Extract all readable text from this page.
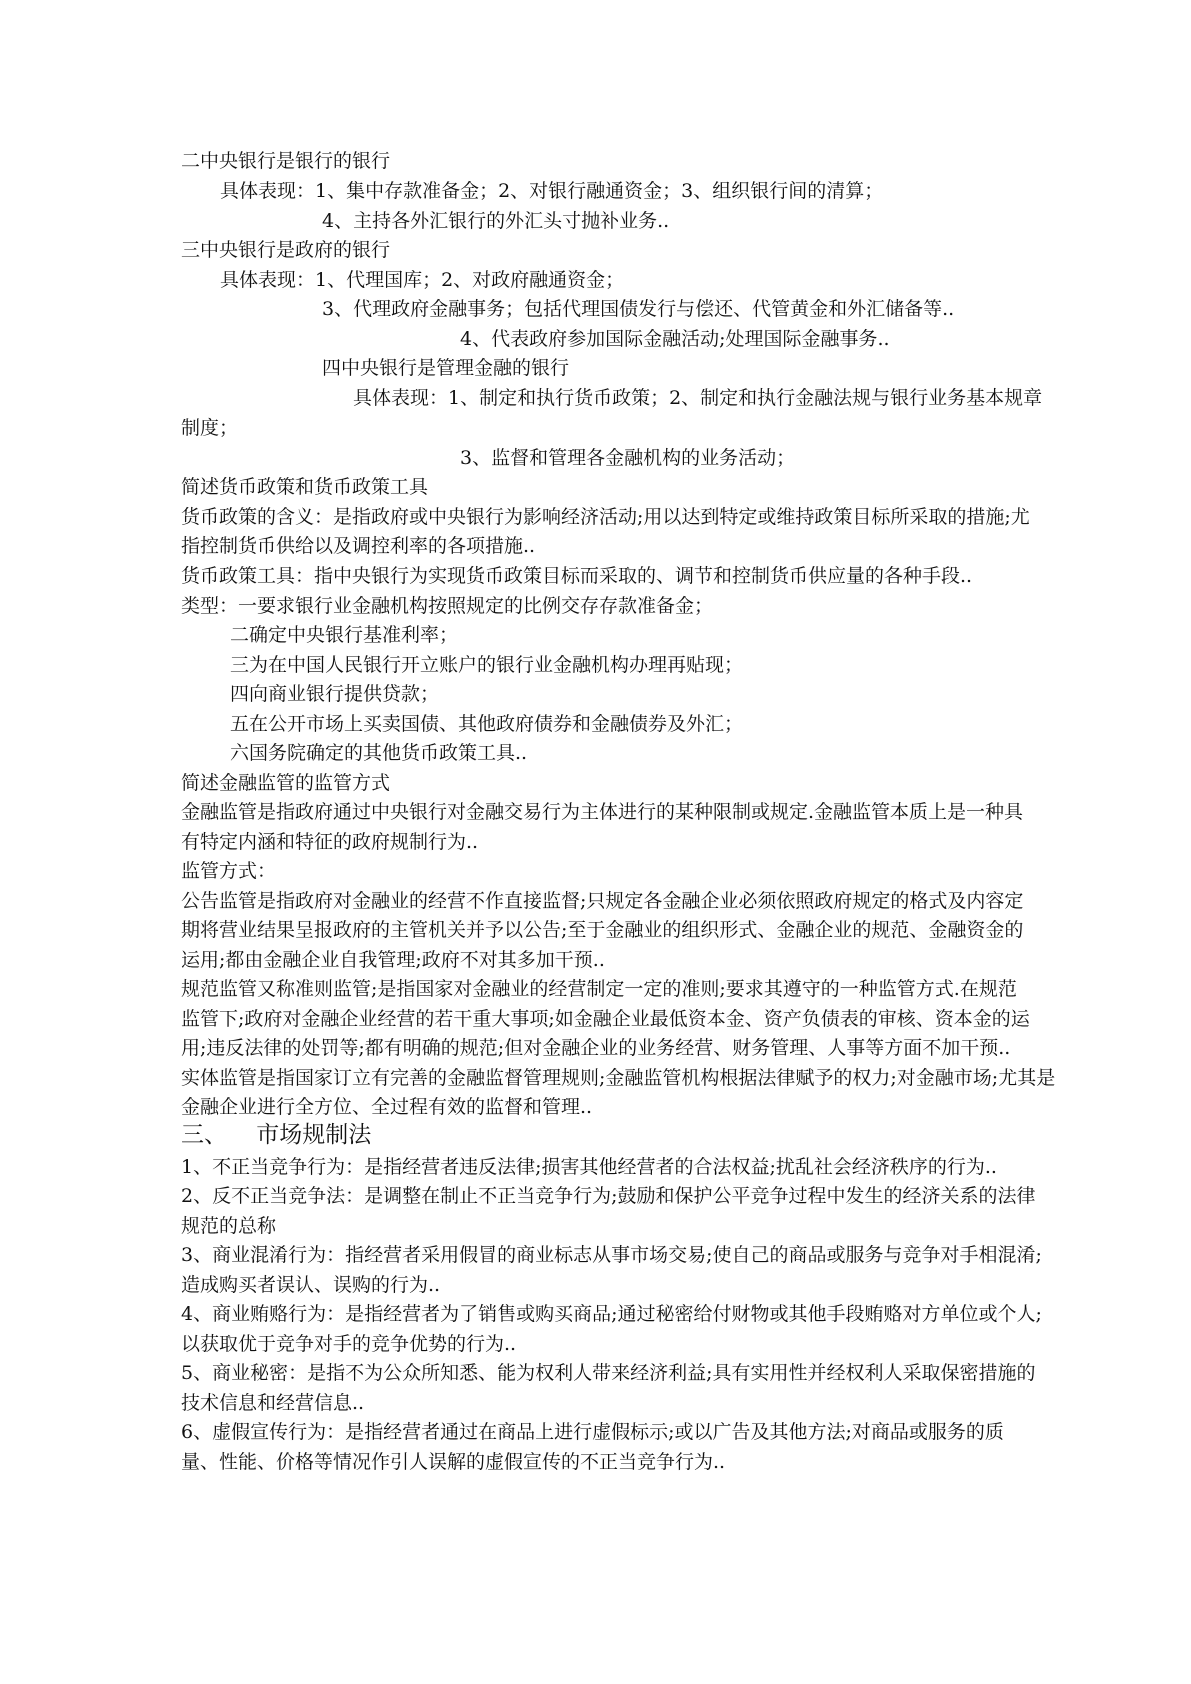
二中央银行是银行的银行
具体表现：1、集中存款准备金；2、对银行融通资金；3、组织银行间的清算；
4、主持各外汇银行的外汇头寸抛补业务..
三中央银行是政府的银行
具体表现：1、代理国库；2、对政府融通资金；
3、代理政府金融事务；包括代理国债发行与偿还、代管黄金和外汇储备等..
4、代表政府参加国际金融活动;处理国际金融事务..
四中央银行是管理金融的银行
具体表现：1、制定和执行货币政策；2、制定和执行金融法规与银行业务基本规章
制度；
3、监督和管理各金融机构的业务活动；
简述货币政策和货币政策工具
货币政策的含义：是指政府或中央银行为影响经济活动;用以达到特定或维持政策目标所采取的措施;尤
指控制货币供给以及调控利率的各项措施..
货币政策工具：指中央银行为实现货币政策目标而采取的、调节和控制货币供应量的各种手段..
类型：一要求银行业金融机构按照规定的比例交存存款准备金；
二确定中央银行基准利率；
三为在中国人民银行开立账户的银行业金融机构办理再贴现；
四向商业银行提供贷款；
五在公开市场上买卖国债、其他政府债券和金融债券及外汇；
六国务院确定的其他货币政策工具..
简述金融监管的监管方式
金融监管是指政府通过中央银行对金融交易行为主体进行的某种限制或规定.金融监管本质上是一种具
有特定内涵和特征的政府规制行为..
监管方式：
公告监管是指政府对金融业的经营不作直接监督;只规定各金融企业必须依照政府规定的格式及内容定
期将营业结果呈报政府的主管机关并予以公告;至于金融业的组织形式、金融企业的规范、金融资金的
运用;都由金融企业自我管理;政府不对其多加干预..
规范监管又称准则监管;是指国家对金融业的经营制定一定的准则;要求其遵守的一种监管方式.在规范
监管下;政府对金融企业经营的若干重大事项;如金融企业最低资本金、资产负债表的审核、资本金的运
用;违反法律的处罚等;都有明确的规范;但对金融企业的业务经营、财务管理、人事等方面不加干预..
实体监管是指国家订立有完善的金融监督管理规则;金融监管机构根据法律赋予的权力;对金融市场;尤其是
金融企业进行全方位、全过程有效的监督和管理..
三、    市场规制法
1、不正当竞争行为：是指经营者违反法律;损害其他经营者的合法权益;扰乱社会经济秩序的行为..
2、反不正当竞争法：是调整在制止不正当竞争行为;鼓励和保护公平竞争过程中发生的经济关系的法律
规范的总称
3、商业混淆行为：指经营者采用假冒的商业标志从事市场交易;使自己的商品或服务与竞争对手相混淆;
造成购买者误认、误购的行为..
4、商业贿赂行为：是指经营者为了销售或购买商品;通过秘密给付财物或其他手段贿赂对方单位或个人;
以获取优于竞争对手的竞争优势的行为..
5、商业秘密：是指不为公众所知悉、能为权利人带来经济利益;具有实用性并经权利人采取保密措施的
技术信息和经营信息..
6、虚假宣传行为：是指经营者通过在商品上进行虚假标示;或以广告及其他方法;对商品或服务的质
量、性能、价格等情况作引人误解的虚假宣传的不正当竞争行为..
